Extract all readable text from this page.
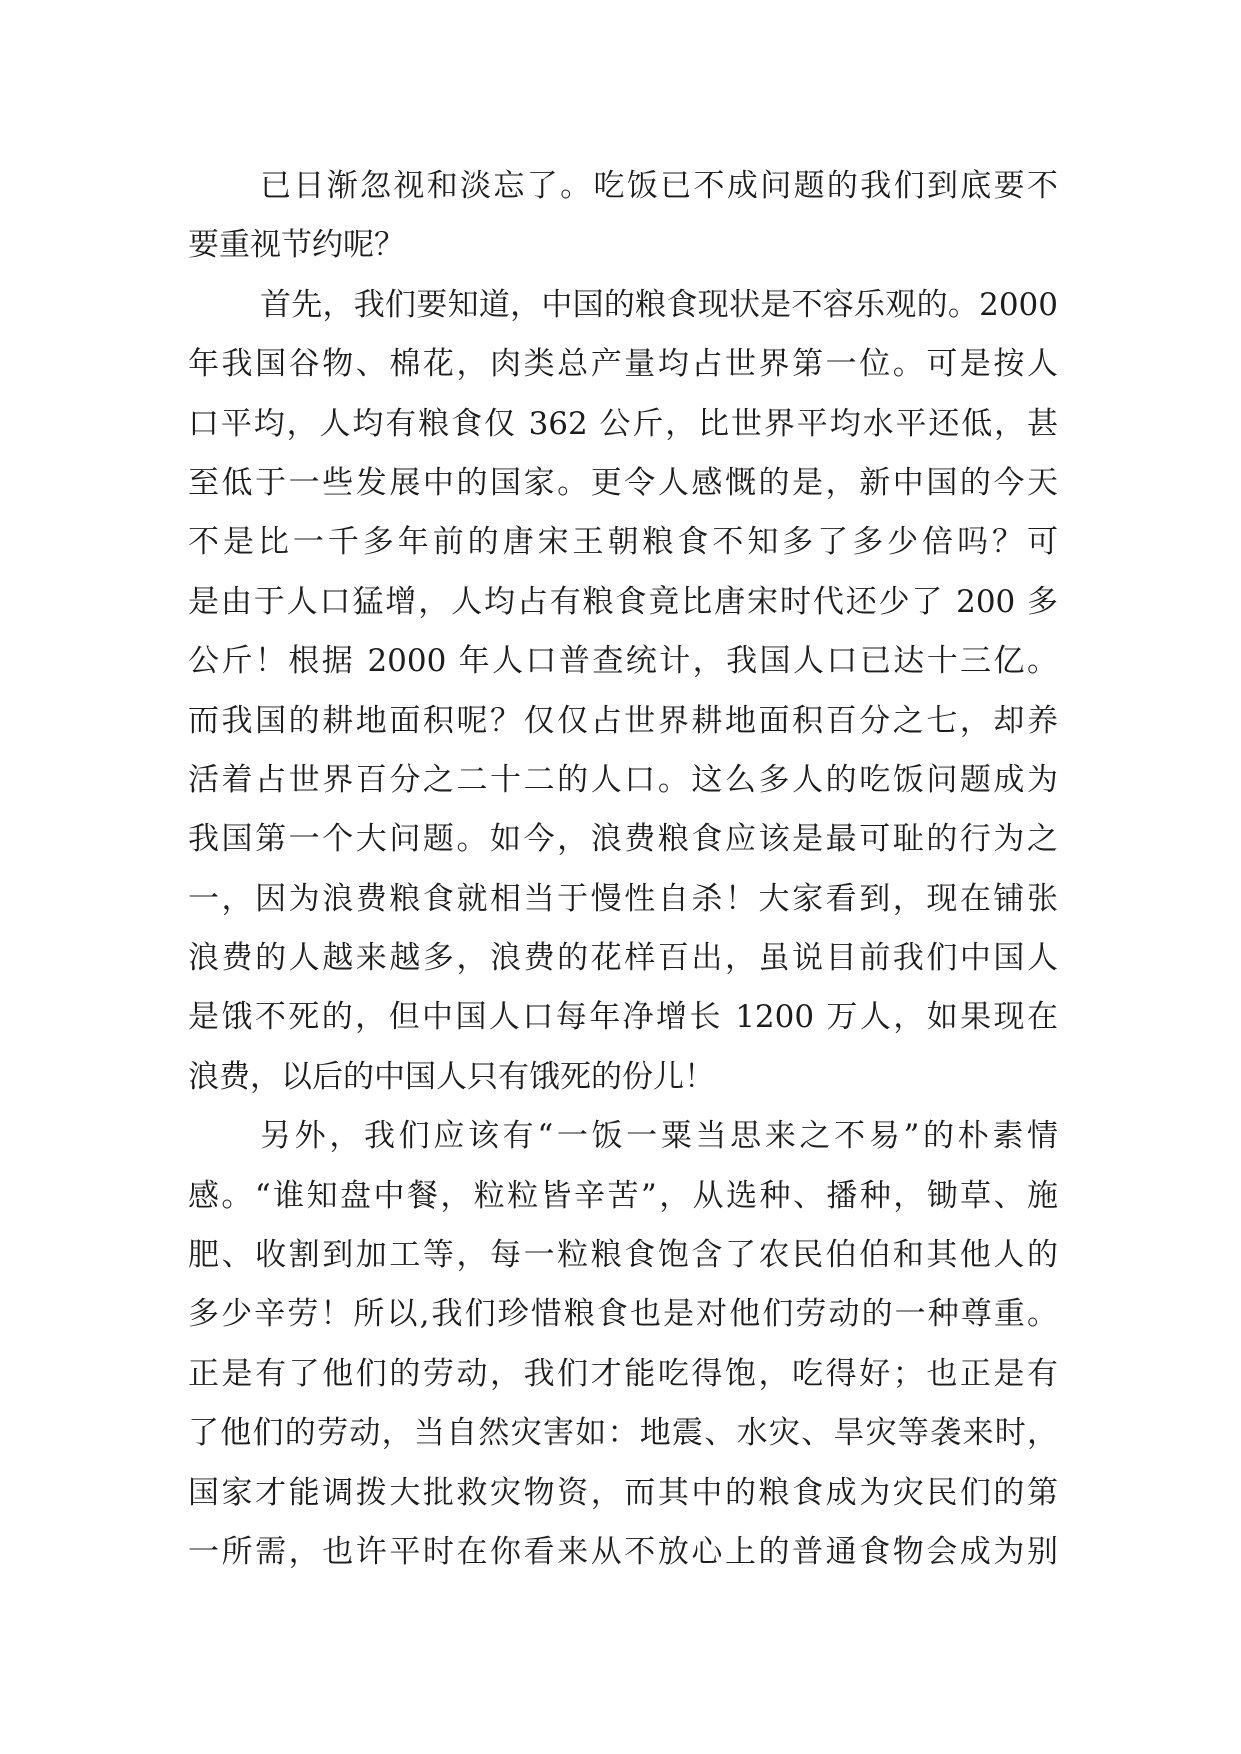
已日渐忽视和淡忘了。吃饭已不成问题的我们到底要不
要重视节约呢？
首先，我们要知道，中国的粮食现状是不容乐观的。2000
年我国谷物、棉花，肉类总产量均占世界第一位。可是按人
口平均，人均有粮食仅 362 公斤，比世界平均水平还低，甚
至低于一些发展中的国家。更令人感慨的是，新中国的今天
不是比一千多年前的唐宋王朝粮食不知多了多少倍吗？可
是由于人口猛增，人均占有粮食竟比唐宋时代还少了 200 多
公斤！根据 2000 年人口普查统计，我国人口已达十三亿。
而我国的耕地面积呢？仅仅占世界耕地面积百分之七，却养
活着占世界百分之二十二的人口。这么多人的吃饭问题成为
我国第一个大问题。如今，浪费粮食应该是最可耻的行为之
一，因为浪费粮食就相当于慢性自杀！大家看到，现在铺张
浪费的人越来越多，浪费的花样百出，虽说目前我们中国人
是饿不死的，但中国人口每年净增长 1200 万人，如果现在
浪费，以后的中国人只有饿死的份儿！
另外，我们应该有“一饭一粟当思来之不易”的朴素情
感。“谁知盘中餐，粒粒皆辛苦”，从选种、播种，锄草、施
肥、收割到加工等，每一粒粮食饱含了农民伯伯和其他人的
多少辛劳！所以,我们珍惜粮食也是对他们劳动的一种尊重。
正是有了他们的劳动，我们才能吃得饱，吃得好；也正是有
了他们的劳动，当自然灾害如：地震、水灾、旱灾等袭来时，
国家才能调拨大批救灾物资，而其中的粮食成为灾民们的第
一所需，也许平时在你看来从不放心上的普通食物会成为别
